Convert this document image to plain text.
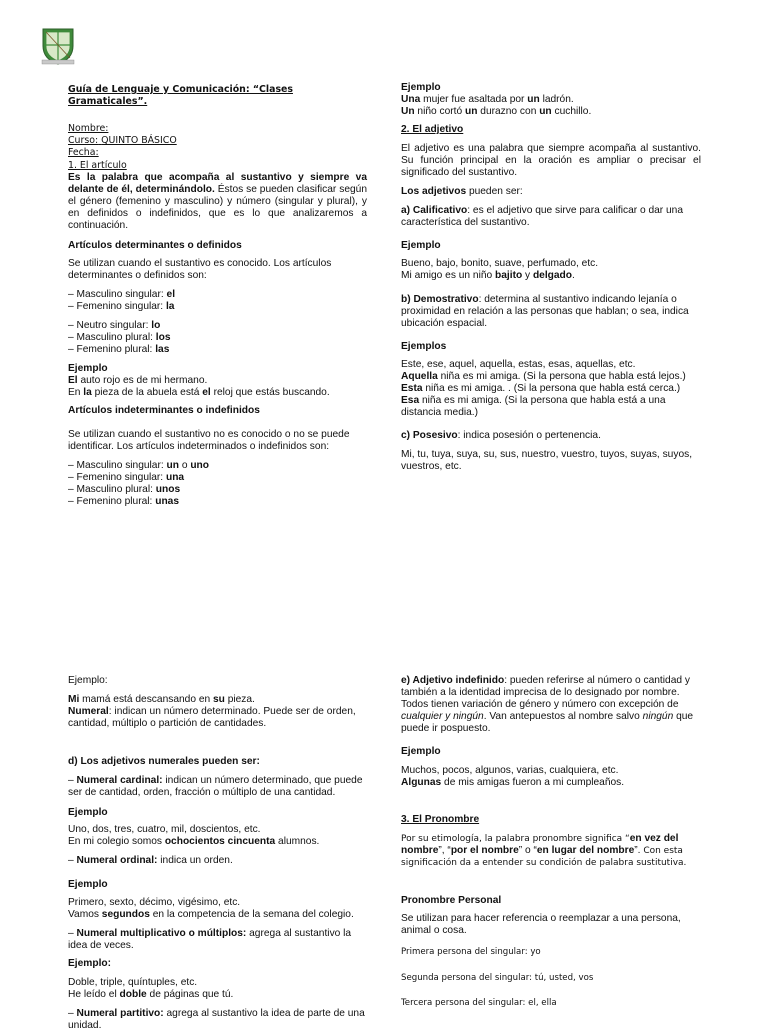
Guía de Lenguaje y Comunicación: “Clases Gramaticales”.
Nombre:
Curso: QUINTO BÁSICO
Fecha:
1. El artículo
Es la palabra que acompaña al sustantivo y siempre va delante de él, determinándolo. Éstos se pueden clasificar según el género (femenino y masculino) y número (singular y plural), y en definidos o indefinidos, que es lo que analizaremos a continuación.
Artículos determinantes o definidos
Se utilizan cuando el sustantivo es conocido. Los artículos determinantes o definidos son:
– Masculino singular: el
– Femenino singular: la
– Neutro singular: lo
– Masculino plural: los
– Femenino plural: las
Ejemplo
El auto rojo es de mi hermano.
En la pieza de la abuela está el reloj que estás buscando.
Artículos indeterminantes o indefinidos
Se utilizan cuando el sustantivo no es conocido o no se puede identificar. Los artículos indeterminados o indefinidos son:
– Masculino singular: un o uno
– Femenino singular: una
– Masculino plural: unos
– Femenino plural: unas
Ejemplo
Una mujer fue asaltada por un ladrón.
Un niño cortó un durazno con un cuchillo.
2. El adjetivo
El adjetivo es una palabra que siempre acompaña al sustantivo. Su función principal en la oración es ampliar o precisar el significado del sustantivo.
Los adjetivos pueden ser:
a) Calificativo: es el adjetivo que sirve para calificar o dar una característica del sustantivo.
Ejemplo
Bueno, bajo, bonito, suave, perfumado, etc.
Mi amigo es un niño bajito y delgado.
b) Demostrativo: determina al sustantivo indicando lejanía o proximidad en relación a las personas que hablan; o sea, indica ubicación espacial.
Ejemplos
Este, ese, aquel, aquella, estas, esas, aquellas, etc.
Aquella niña es mi amiga. (Si la persona que habla está lejos.)
Esta niña es mi amiga. . (Si la persona que habla está cerca.)
Esa niña es mi amiga. (Si la persona que habla está a una distancia media.)
c) Posesivo: indica posesión o pertenencia.
Mi, tu, tuya, suya, su, sus, nuestro, vuestro, tuyos, suyas, suyos, vuestros, etc.
Ejemplo:
Mi mamá está descansando en su pieza.
Numeral: indican un número determinado. Puede ser de orden, cantidad, múltiplo o partición de cantidades.
d) Los adjetivos numerales pueden ser:
– Numeral cardinal: indican un número determinado, que puede ser de cantidad, orden, fracción o múltiplo de una cantidad.
Ejemplo
Uno, dos, tres, cuatro, mil, doscientos, etc.
En mi colegio somos ochocientos cincuenta alumnos.
– Numeral ordinal: indica un orden.
Ejemplo
Primero, sexto, décimo, vigésimo, etc.
Vamos segundos en la competencia de la semana del colegio.
– Numeral multiplicativo o múltiplos: agrega al sustantivo la idea de veces.
Ejemplo:
Doble, triple, quíntuples, etc.
He leído el doble de páginas que tú.
– Numeral partitivo: agrega al sustantivo la idea de parte de una unidad.
e) Adjetivo indefinido: pueden referirse al número o cantidad y también a la identidad imprecisa de lo designado por nombre. Todos tienen variación de género y número con excepción de cualquier y ningún. Van antepuestos al nombre salvo ningún que puede ir pospuesto.
Ejemplo
Muchos, pocos, algunos, varias, cualquiera, etc.
Algunas de mis amigas fueron a mi cumpleaños.
3. El Pronombre
Por su etimología, la palabra pronombre significa “en vez del nombre”, “por el nombre” o “en lugar del nombre”. Con esta significación da a entender su condición de palabra sustitutiva.
Pronombre Personal
Se utilizan para hacer referencia o reemplazar a una persona, animal o cosa.
Primera persona del singular: yo
Segunda persona del singular: tú, usted, vos
Tercera persona del singular: el, ella
